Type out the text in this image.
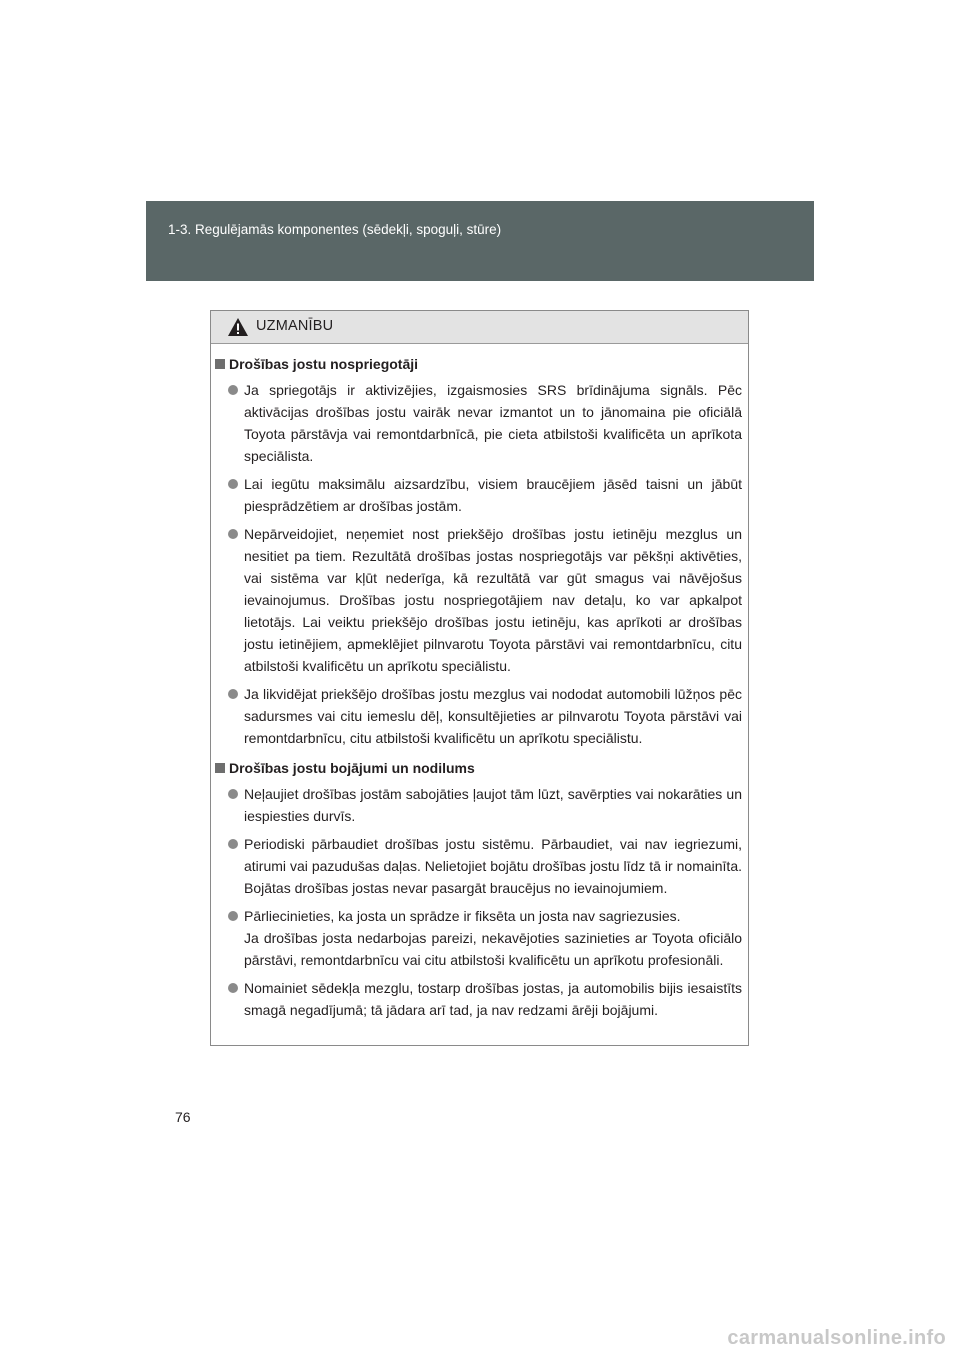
1-3. Regulējamās komponentes (sēdekļi, spoguļi, stūre)
UZMANĪBU
Drošības jostu nospriegotāji
Ja spriegotājs ir aktivizējies, izgaismosies SRS brīdinājuma signāls. Pēc aktivācijas drošības jostu vairāk nevar izmantot un to jānomaina pie oficiālā Toyota pārstāvja vai remontdarbnīcā, pie cieta atbilstoši kvalificēta un aprīkota speciālista.
Lai iegūtu maksimālu aizsardzību, visiem braucējiem jāsēd taisni un jābūt piesprādzētiem ar drošības jostām.
Nepārveidojiet, neņemiet nost priekšējo drošības jostu ietinēju mezglus un nesitiet pa tiem. Rezultātā drošības jostas nospriegotājs var pēkšņi aktivēties, vai sistēma var kļūt nederīga, kā rezultātā var gūt smagus vai nāvējošus ievainojumus. Drošības jostu nospriegotājiem nav detaļu, ko var apkalpot lietotājs. Lai veiktu priekšējo drošības jostu ietinēju, kas aprīkoti ar drošības jostu ietinējiem, apmeklējiet pilnvarotu Toyota pārstāvi vai remontdarbnīcu, citu atbilstoši kvalificētu un aprīkotu speciālistu.
Ja likvidējat priekšējo drošības jostu mezglus vai nododat automobili lūžņos pēc sadursmes vai citu iemeslu dēļ, konsultējieties ar pilnvarotu Toyota pārstāvi vai remontdarbnīcu, citu atbilstoši kvalificētu un aprīkotu speciālistu.
Drošības jostu bojājumi un nodilums
Neļaujiet drošības jostām sabojāties ļaujot tām lūzt, savērpties vai nokarāties un iespiesties durvīs.
Periodiski pārbaudiet drošības jostu sistēmu. Pārbaudiet, vai nav iegriezumi, atirumi vai pazudušas daļas. Nelietojiet bojātu drošības jostu līdz tā ir nomainīta. Bojātas drošības jostas nevar pasargāt braucējus no ievainojumiem.
Pārliecinieties, ka josta un sprādze ir fiksēta un josta nav sagriezusies.
Ja drošības josta nedarbojas pareizi, nekavējoties sazinieties ar Toyota oficiālo pārstāvi, remontdarbnīcu vai citu atbilstoši kvalificētu un aprīkotu profesionāli.
Nomainiet sēdekļa mezglu, tostarp drošības jostas, ja automobilis bijis iesaistīts smagā negadījumā; tā jādara arī tad, ja nav redzami ārēji bojājumi.
76
carmanualsonline.info
